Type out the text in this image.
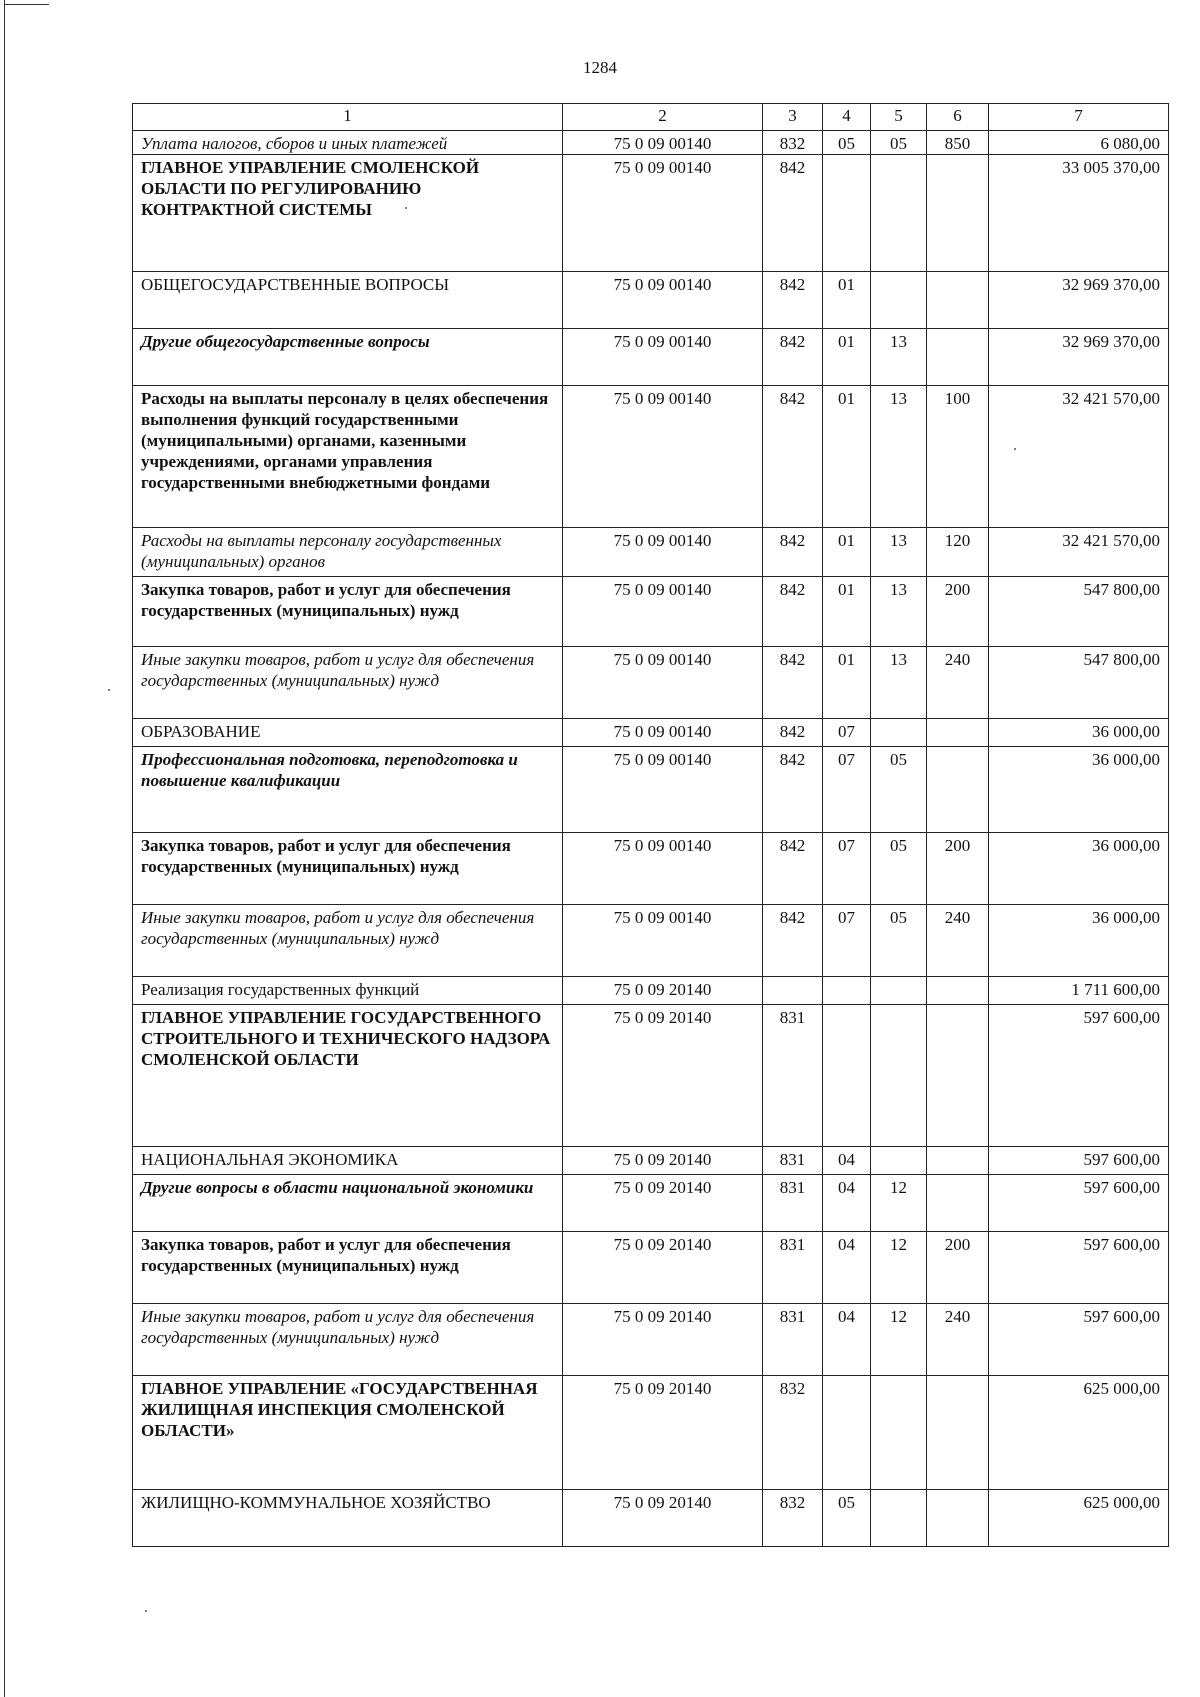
1284
1	2	3	4	5	6	7
Уплата налогов, сборов и иных платежей	75 0 09 00140	832	05	05	850	6 080,00
ГЛАВНОЕ УПРАВЛЕНИЕ СМОЛЕНСКОЙ ОБЛАСТИ ПО РЕГУЛИРОВАНИЮ КОНТРАКТНОЙ СИСТЕМЫ	75 0 09 00140	842				33 005 370,00
ОБЩЕГОСУДАРСТВЕННЫЕ ВОПРОСЫ	75 0 09 00140	842	01			32 969 370,00
Другие общегосударственные вопросы	75 0 09 00140	842	01	13		32 969 370,00
Расходы на выплаты персоналу в целях обеспечения выполнения функций государственными (муниципальными) органами, казенными учреждениями, органами управления государственными внебюджетными фондами	75 0 09 00140	842	01	13	100	32 421 570,00
Расходы на выплаты персоналу государственных (муниципальных) органов	75 0 09 00140	842	01	13	120	32 421 570,00
Закупка товаров, работ и услуг для обеспечения государственных (муниципальных) нужд	75 0 09 00140	842	01	13	200	547 800,00
Иные закупки товаров, работ и услуг для обеспечения государственных (муниципальных) нужд	75 0 09 00140	842	01	13	240	547 800,00
ОБРАЗОВАНИЕ	75 0 09 00140	842	07			36 000,00
Профессиональная подготовка, переподготовка и повышение квалификации	75 0 09 00140	842	07	05		36 000,00
Закупка товаров, работ и услуг для обеспечения государственных (муниципальных) нужд	75 0 09 00140	842	07	05	200	36 000,00
Иные закупки товаров, работ и услуг для обеспечения государственных (муниципальных) нужд	75 0 09 00140	842	07	05	240	36 000,00
Реализация государственных функций	75 0 09 20140					1 711 600,00
ГЛАВНОЕ УПРАВЛЕНИЕ ГОСУДАРСТВЕННОГО СТРОИТЕЛЬНОГО И ТЕХНИЧЕСКОГО НАДЗОРА СМОЛЕНСКОЙ ОБЛАСТИ	75 0 09 20140	831				597 600,00
НАЦИОНАЛЬНАЯ ЭКОНОМИКА	75 0 09 20140	831	04			597 600,00
Другие вопросы в области национальной экономики	75 0 09 20140	831	04	12		597 600,00
Закупка товаров, работ и услуг для обеспечения государственных (муниципальных) нужд	75 0 09 20140	831	04	12	200	597 600,00
Иные закупки товаров, работ и услуг для обеспечения государственных (муниципальных) нужд	75 0 09 20140	831	04	12	240	597 600,00
ГЛАВНОЕ УПРАВЛЕНИЕ «ГОСУДАРСТВЕННАЯ ЖИЛИЩНАЯ ИНСПЕКЦИЯ СМОЛЕНСКОЙ ОБЛАСТИ»	75 0 09 20140	832				625 000,00
ЖИЛИЩНО-КОММУНАЛЬНОЕ ХОЗЯЙСТВО	75 0 09 20140	832	05			625 000,00
